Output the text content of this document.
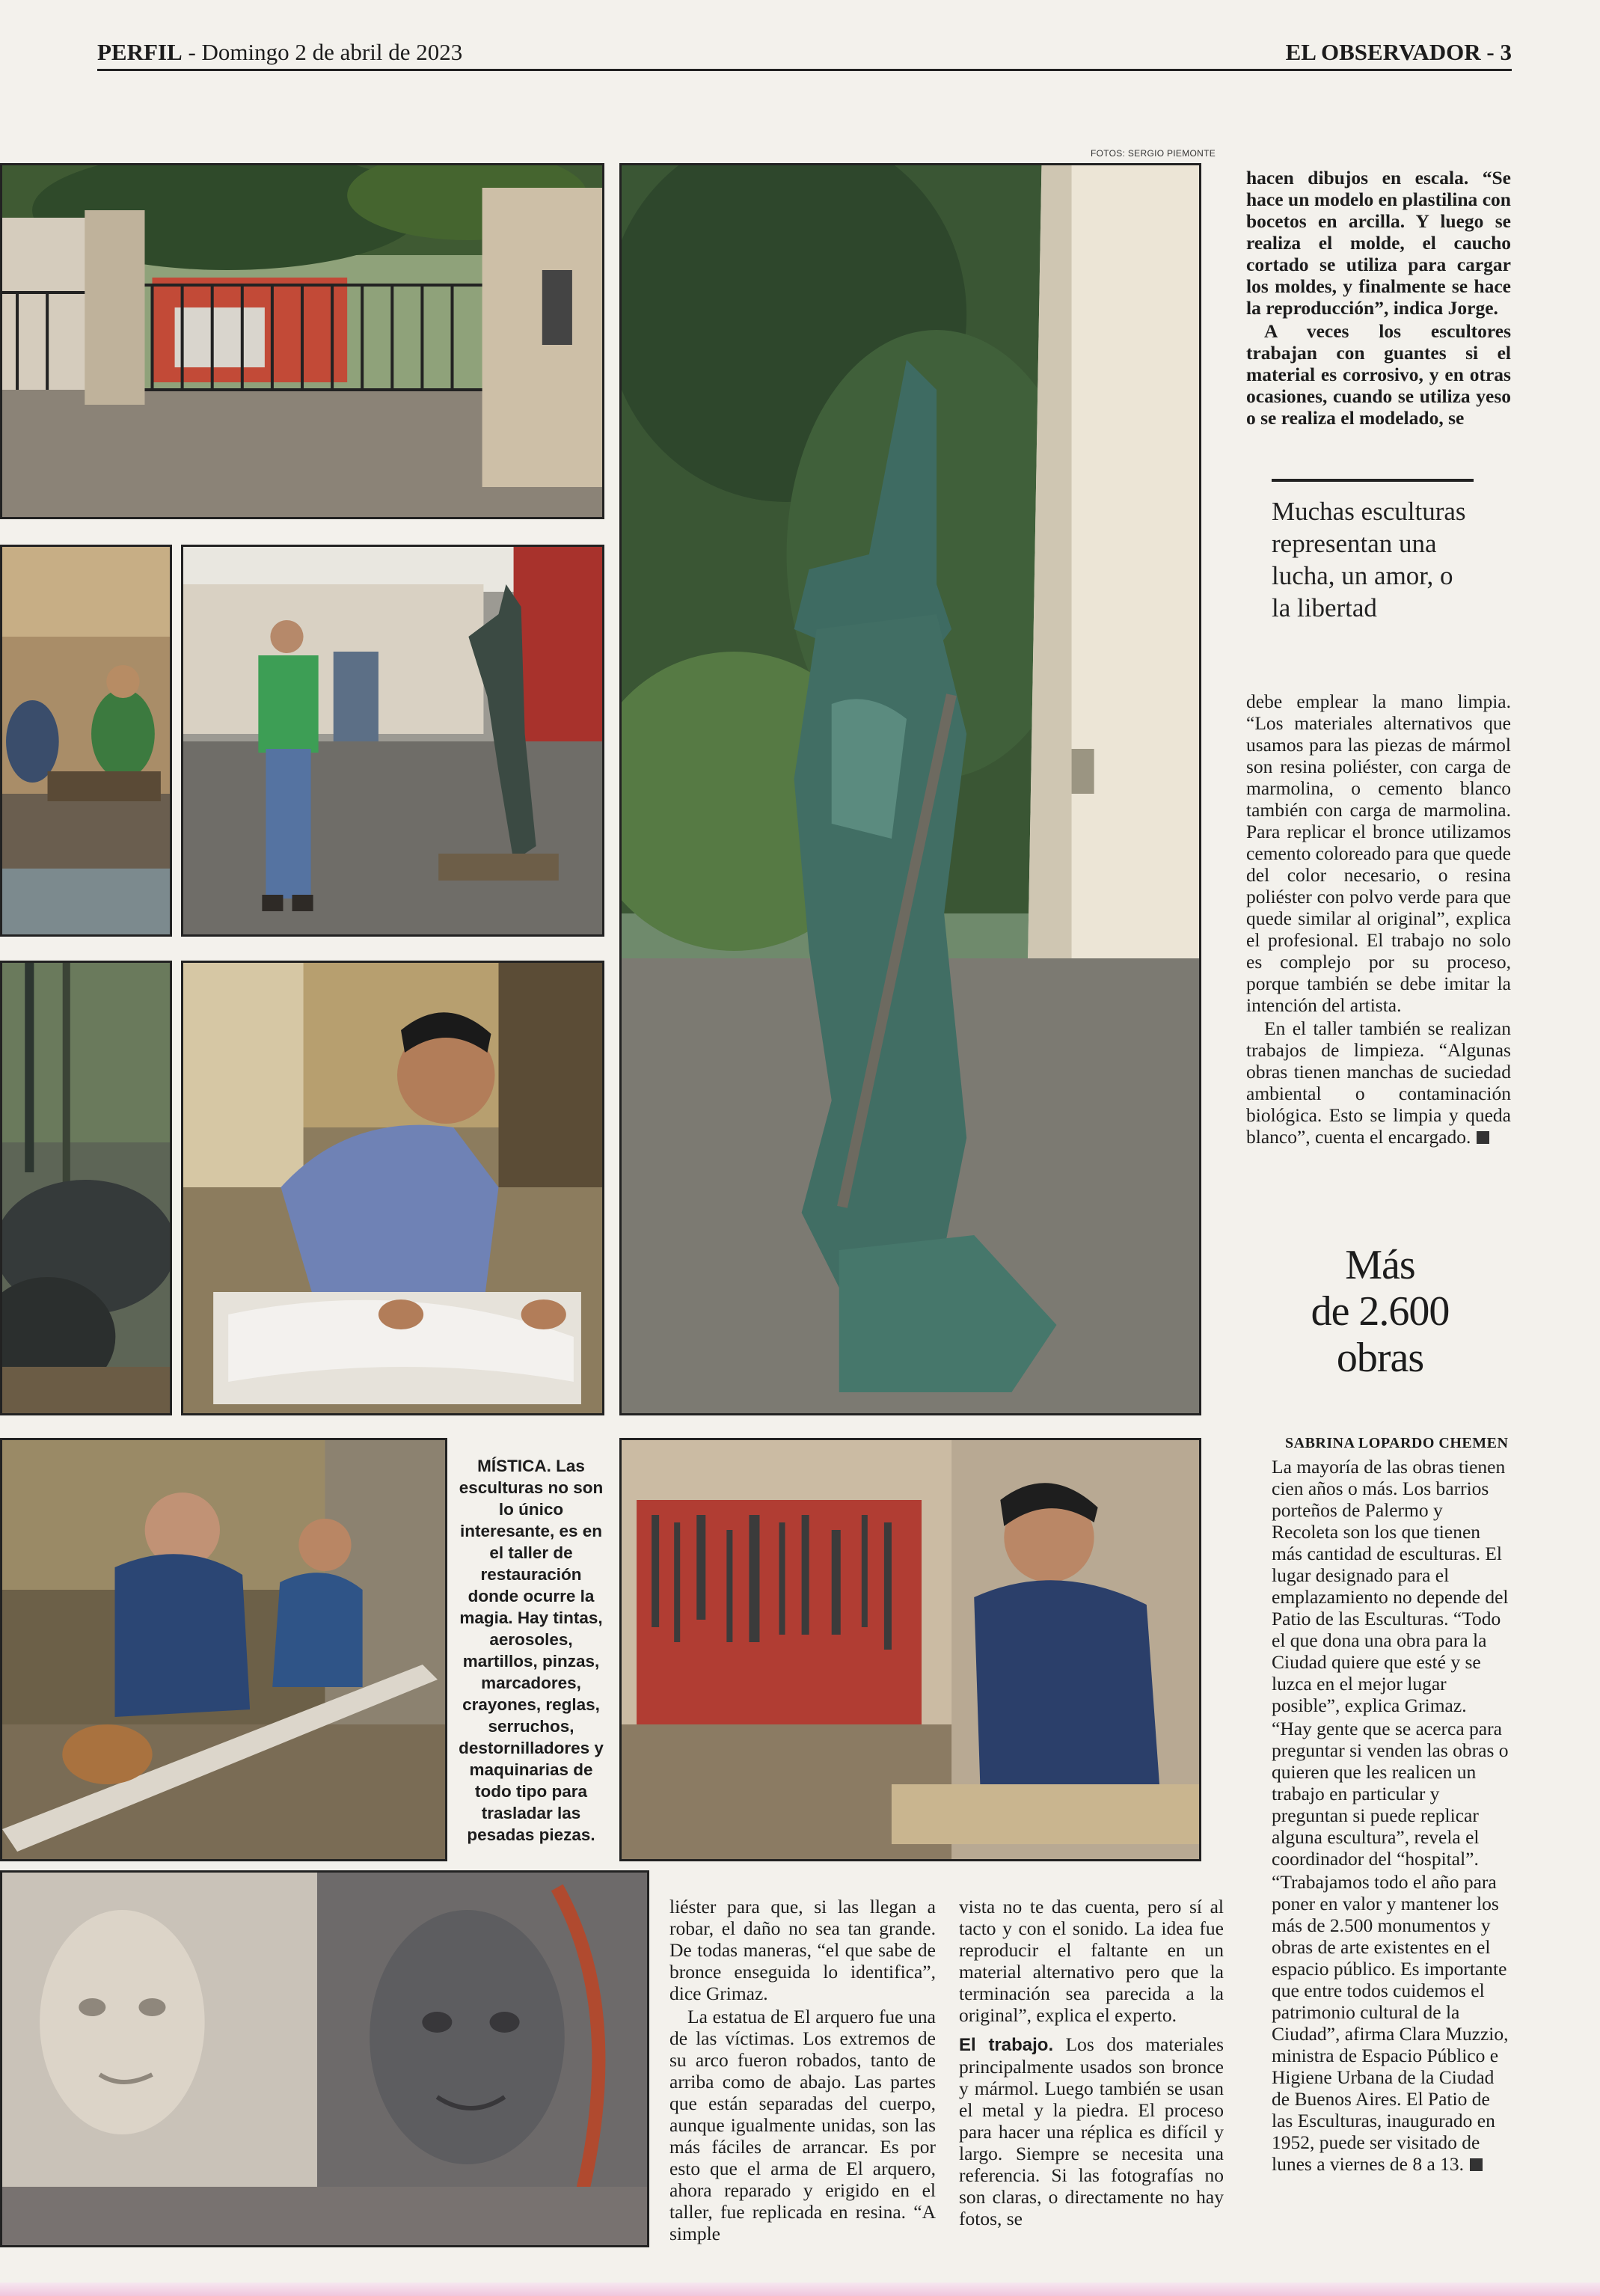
PERFIL - Domingo 2 de abril de 2023	EL OBSERVADOR - 3
FOTOS: SERGIO PIEMONTE
MÍSTICA. Las esculturas no son lo único interesante, es en el taller de restauración donde ocurre la magia. Hay tintas, aerosoles, martillos, pinzas, marcadores, crayones, reglas, serruchos, destornilladores y maquinarias de todo tipo para trasladar las pesadas piezas.

hacen dibujos en escala. “Se hace un modelo en plastilina con bocetos en arcilla. Y luego se realiza el molde, el caucho cortado se utiliza para cargar los moldes, y finalmente se hace la reproducción”, indica Jorge.

A veces los escultores trabajan con guantes si el material es corrosivo, y en otras ocasiones, cuando se utiliza yeso o se realiza el modelado, se

Muchas esculturas representan una lucha, un amor, o la libertad

debe emplear la mano limpia. “Los materiales alternativos que usamos para las piezas de mármol son resina poliéster, con carga de marmolina, o cemento blanco también con carga de marmolina. Para replicar el bronce utilizamos cemento coloreado para que quede del color necesario, o resina poliéster con polvo verde para que quede similar al original”, explica el profesional. El trabajo no solo es complejo por su proceso, porque también se debe imitar la intención del artista.

En el taller también se realizan trabajos de limpieza. “Algunas obras tienen manchas de suciedad ambiental o contaminación biológica. Esto se limpia y queda blanco”, cuenta el encargado.

Más
de 2.600
obras
SABRINA LOPARDO CHEMEN

La mayoría de las obras tienen cien años o más. Los barrios porteños de Palermo y Recoleta son los que tienen más cantidad de esculturas. El lugar designado para el emplazamiento no depende del Patio de las Esculturas. “Todo el que dona una obra para la Ciudad quiere que esté y se luzca en el mejor lugar posible”, explica Grimaz.

“Hay gente que se acerca para preguntar si venden las obras o quieren que les realicen un trabajo en particular y preguntan si puede replicar alguna escultura”, revela el coordinador del “hospital”.

“Trabajamos todo el año para poner en valor y mantener los más de 2.500 monumentos y obras de arte existentes en el espacio público. Es importante que entre todos cuidemos el patrimonio cultural de la Ciudad”, afirma Clara Muzzio, ministra de Espacio Público e Higiene Urbana de la Ciudad de Buenos Aires. El Patio de las Esculturas, inaugurado en 1952, puede ser visitado de lunes a viernes de 8 a 13.

liéster para que, si las llegan a robar, el daño no sea tan grande. De todas maneras, “el que sabe de bronce enseguida lo identifica”, dice Grimaz.

La estatua de El arquero fue una de las víctimas. Los extremos de su arco fueron robados, tanto de arriba como de abajo. Las partes que están separadas del cuerpo, aunque igualmente unidas, son las más fáciles de arrancar. Es por esto que el arma de El arquero, ahora reparado y erigido en el taller, fue replicada en resina. “A simple

vista no te das cuenta, pero sí al tacto y con el sonido. La idea fue reproducir el faltante en un material alternativo pero que la terminación sea parecida a la original”, explica el experto.

El trabajo. Los dos materiales principalmente usados son bronce y mármol. Luego también se usan el metal y la piedra. El proceso para hacer una réplica es difícil y largo. Siempre se necesita una referencia. Si las fotografías no son claras, o directamente no hay fotos, se
